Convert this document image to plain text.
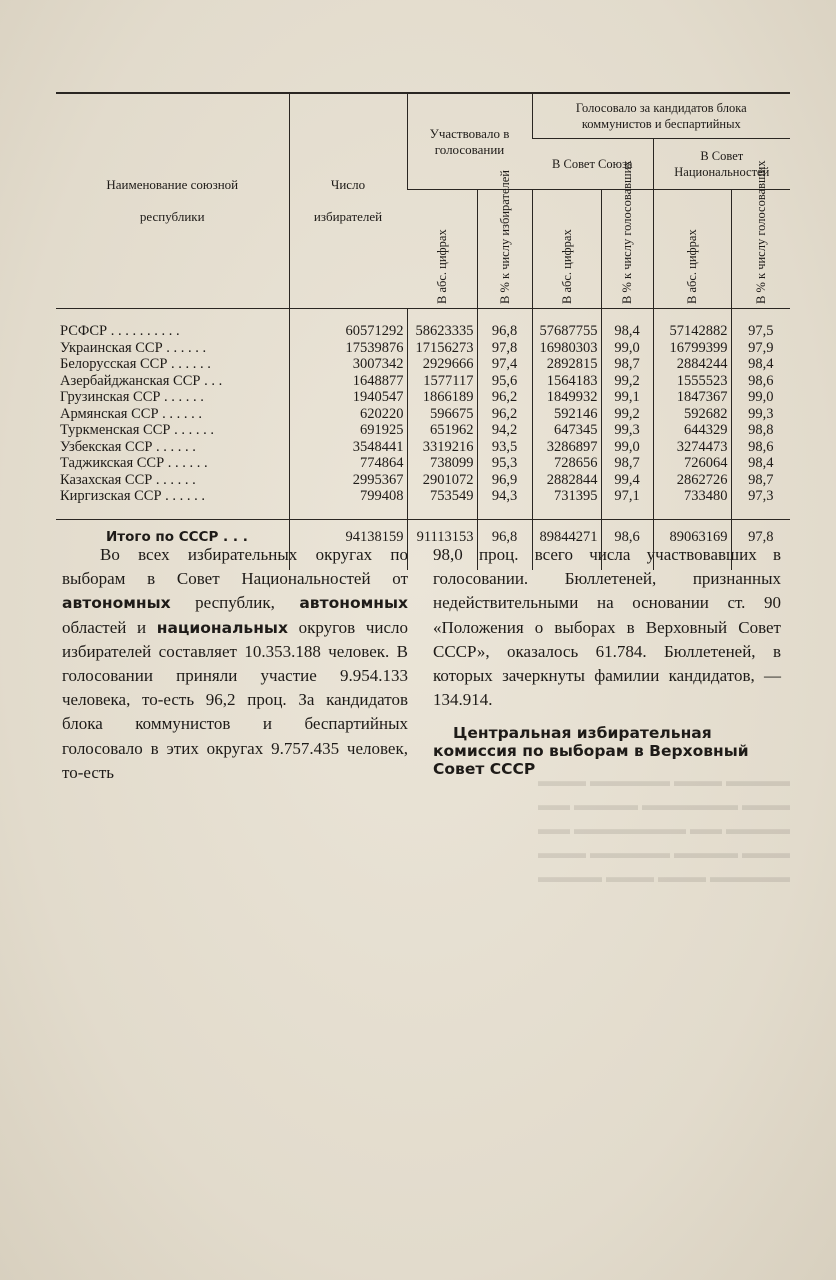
▬▬▬▬ ▬▬▬ ▬▬▬▬▬ ▬▬▬
▬▬▬ ▬▬▬▬▬▬ ▬▬▬▬ ▬▬
▬▬▬▬ ▬▬ ▬▬▬▬▬▬▬ ▬▬
▬▬▬ ▬▬▬▬ ▬▬▬▬▬ ▬▬▬
▬▬▬▬▬ ▬▬▬ ▬▬▬ ▬▬▬▬
Наименование союзной республики	Число избирателей	Участвовало в голосовании		Голосовало за кандидатов блока коммунистов и беспартийных			

				В Совет Союза		В Совет Национальностей	

		В абс. цифрах	В % к числу избирателей	В абс. цифрах	В % к числу голосовавших	В абс. цифрах	В % к числу голосовавших

РСФСР . . . . . . . . . .	60571292	58623335	96,8	57687755	98,4	57142882	97,5
Украинская ССР . . . . . .	17539876	17156273	97,8	16980303	99,0	16799399	97,9
Белорусская ССР . . . . . .	3007342	2929666	97,4	2892815	98,7	2884244	98,4
Азербайджанская ССР . . .	1648877	1577117	95,6	1564183	99,2	1555523	98,6
Грузинская ССР . . . . . .	1940547	1866189	96,2	1849932	99,1	1847367	99,0
Армянская ССР . . . . . .	620220	596675	96,2	592146	99,2	592682	99,3
Туркменская ССР . . . . . .	691925	651962	94,2	647345	99,3	644329	98,8
Узбекская ССР . . . . . .	3548441	3319216	93,5	3286897	99,0	3274473	98,6
Таджикская ССР . . . . . .	774864	738099	95,3	728656	98,7	726064	98,4
Казахская ССР . . . . . .	2995367	2901072	96,9	2882844	99,4	2862726	98,7
Киргизская ССР . . . . . .	799408	753549	94,3	731395	97,1	733480	97,3

Итого по СССР . . .	94138159	91113153	96,8	89844271	98,6	89063169	97,8

Во всех избирательных округах по выборам в Совет Национальностей от автономных республик, автономных областей и национальных округов число избирателей составляет 10.353.188 человек. В голосовании приняли участие 9.954.133 человека, то-есть 96,2 проц. За кандидатов блока коммунистов и беспартийных голосовало в этих округах 9.757.435 человек, то-есть
98,0 проц. всего числа участвовавших в голосовании. Бюллетеней, признанных недействительными на основании ст. 90 «Положения о выборах в Верховный Совет СССР», оказалось 61.784. Бюллетеней, в которых зачеркнуты фамилии кандидатов, — 134.914.
Центральная избирательная комиссия по выборам в Верховный Совет СССР
